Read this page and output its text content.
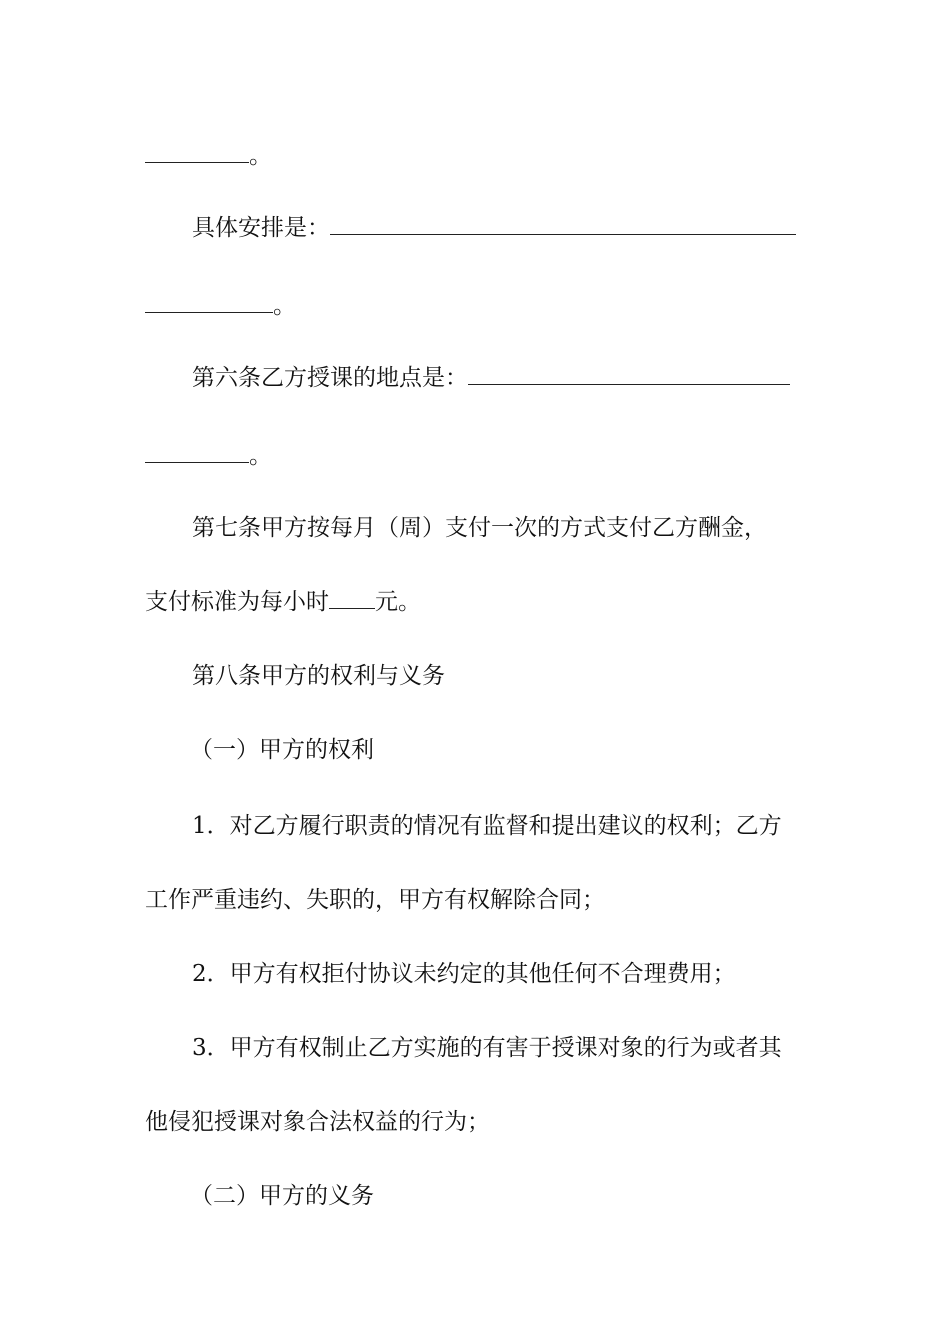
。
具体安排是：
。
第六条乙方授课的地点是：
。
第七条甲方按每月（周）支付一次的方式支付乙方酬金，
支付标准为每小时 元。
第八条甲方的权利与义务
（一）甲方的权利
1．对乙方履行职责的情况有监督和提出建议的权利；乙方
工作严重违约、失职的，甲方有权解除合同；
2．甲方有权拒付协议未约定的其他任何不合理费用；
3．甲方有权制止乙方实施的有害于授课对象的行为或者其
他侵犯授课对象合法权益的行为；
（二）甲方的义务
